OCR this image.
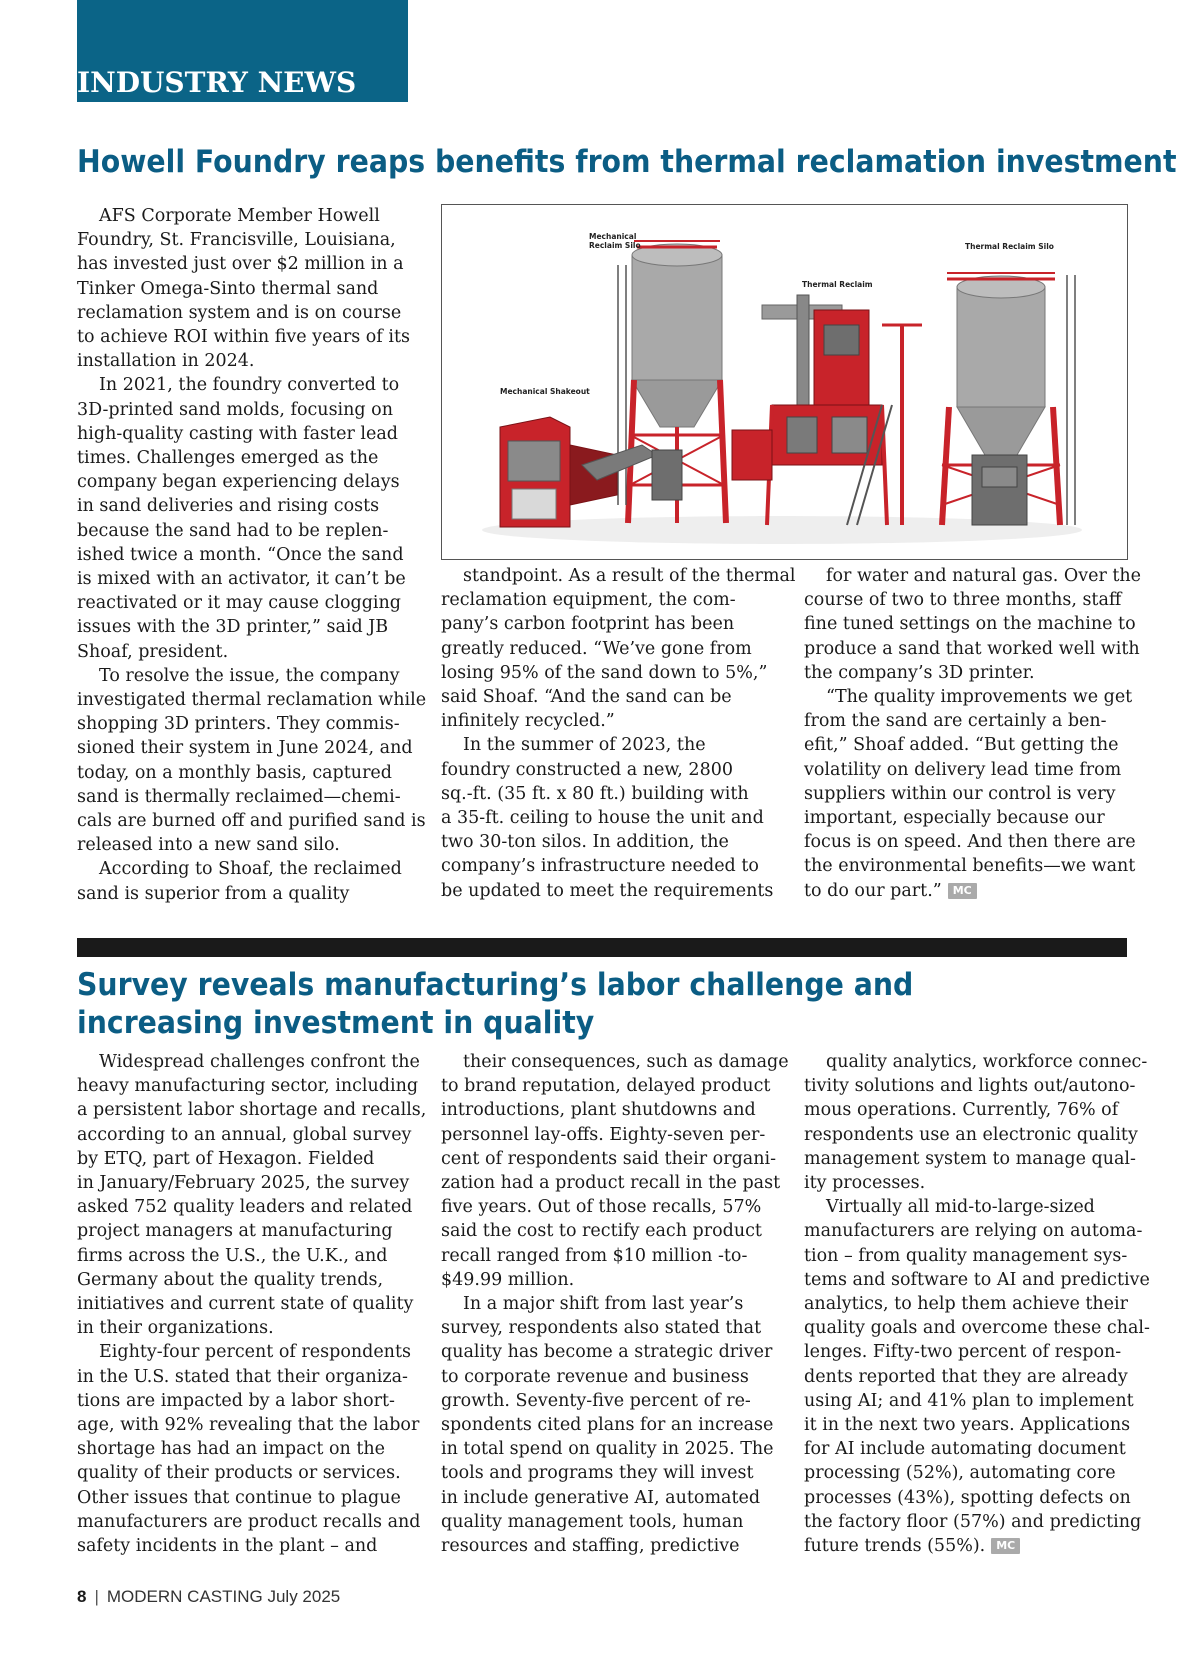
INDUSTRY NEWS
Howell Foundry reaps benefits from thermal reclamation investment

AFS Corporate Member Howell

Foundry, St. Francisville, Louisiana,

has invested just over $2 million in a

Tinker Omega-Sinto thermal sand

reclamation system and is on course

to achieve ROI within five years of its

installation in 2024.

In 2021, the foundry converted to

3D-printed sand molds, focusing on

high-quality casting with faster lead

times. Challenges emerged as the

company began experiencing delays

in sand deliveries and rising costs

because the sand had to be replen-

ished twice a month. “Once the sand

is mixed with an activator, it can’t be

reactivated or it may cause clogging

issues with the 3D printer,” said JB

Shoaf, president.

To resolve the issue, the company

investigated thermal reclamation while

shopping 3D printers. They commis-

sioned their system in June 2024, and

today, on a monthly basis, captured

sand is thermally reclaimed—chemi-

cals are burned off and purified sand is

released into a new sand silo.

According to Shoaf, the reclaimed

sand is superior from a quality

standpoint. As a result of the thermal

reclamation equipment, the com-

pany’s carbon footprint has been

greatly reduced. “We’ve gone from

losing 95% of the sand down to 5%,”

said Shoaf. “And the sand can be

infinitely recycled.”

In the summer of 2023, the

foundry constructed a new, 2800

sq.-ft. (35 ft. x 80 ft.) building with

a 35-ft. ceiling to house the unit and

two 30-ton silos. In addition, the

company’s infrastructure needed to

be updated to meet the requirements

for water and natural gas. Over the

course of two to three months, staff

fine tuned settings on the machine to

produce a sand that worked well with

the company’s 3D printer.

“The quality improvements we get

from the sand are certainly a ben-

efit,” Shoaf added. “But getting the

volatility on delivery lead time from

suppliers within our control is very

important, especially because our

focus is on speed. And then there are

the environmental benefits—we want

to do our part.” MC

Mechanical Reclaim Silo
Thermal Reclaim
Thermal Reclaim Silo
Mechanical Shakeout
Survey reveals manufacturing’s labor challenge and
increasing investment in quality

Widespread challenges confront the

heavy manufacturing sector, including

a persistent labor shortage and recalls,

according to an annual, global survey

by ETQ, part of Hexagon. Fielded

in January/February 2025, the survey

asked 752 quality leaders and related

project managers at manufacturing

firms across the U.S., the U.K., and

Germany about the quality trends,

initiatives and current state of quality

in their organizations.

Eighty-four percent of respondents

in the U.S. stated that their organiza-

tions are impacted by a labor short-

age, with 92% revealing that the labor

shortage has had an impact on the

quality of their products or services.

Other issues that continue to plague

manufacturers are product recalls and

safety incidents in the plant – and

their consequences, such as damage

to brand reputation, delayed product

introductions, plant shutdowns and

personnel lay-offs. Eighty-seven per-

cent of respondents said their organi-

zation had a product recall in the past

five years. Out of those recalls, 57%

said the cost to rectify each product

recall ranged from $10 million -to-

$49.99 million.

In a major shift from last year’s

survey, respondents also stated that

quality has become a strategic driver

to corporate revenue and business

growth. Seventy-five percent of re-

spondents cited plans for an increase

in total spend on quality in 2025. The

tools and programs they will invest

in include generative AI, automated

quality management tools, human

resources and staffing, predictive

quality analytics, workforce connec-

tivity solutions and lights out/autono-

mous operations. Currently, 76% of

respondents use an electronic quality

management system to manage qual-

ity processes.

Virtually all mid-to-large-sized

manufacturers are relying on automa-

tion – from quality management sys-

tems and software to AI and predictive

analytics, to help them achieve their

quality goals and overcome these chal-

lenges. Fifty-two percent of respon-

dents reported that they are already

using AI; and 41% plan to implement

it in the next two years. Applications

for AI include automating document

processing (52%), automating core

processes (43%), spotting defects on

the factory floor (57%) and predicting

future trends (55%). MC

8 | MODERN CASTING July 2025
